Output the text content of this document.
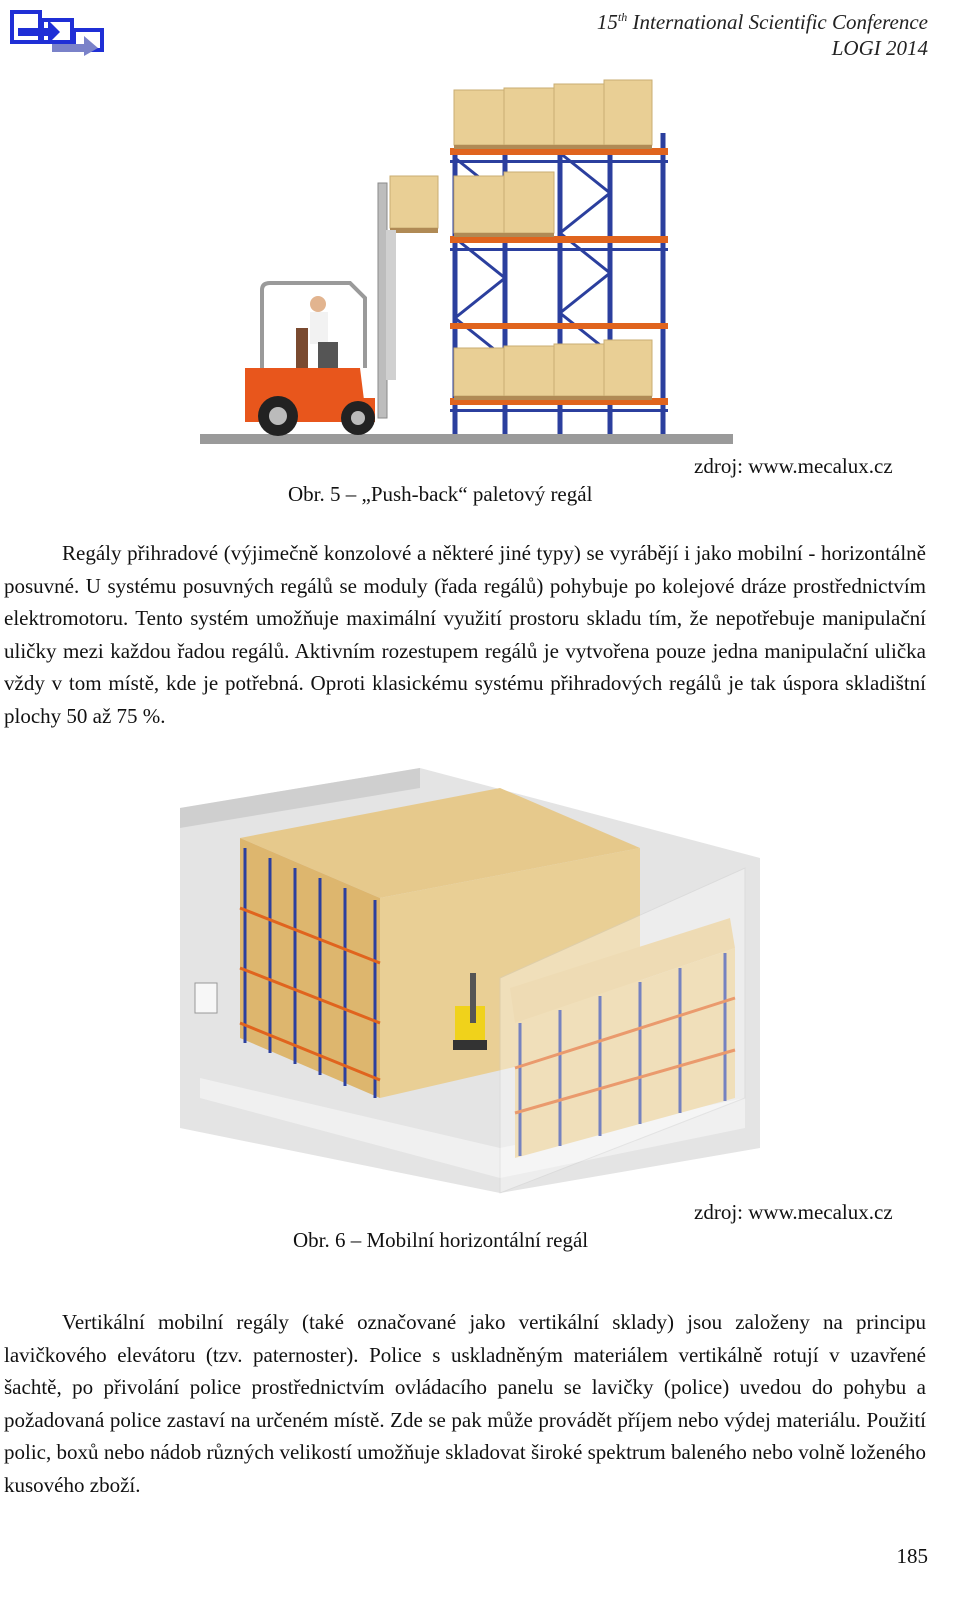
15th International Scientific Conference
LOGI 2014
zdroj: www.mecalux.cz
Obr. 5 – „Push-back“ paletový regál

Regály přihradové (výjimečně konzolové a některé jiné typy) se vyrábějí i jako mobilní - horizontálně posuvné. U systému posuvných regálů se moduly (řada regálů) pohybuje po kolejové dráze prostřednictvím elektromotoru. Tento systém umožňuje maximální využití prostoru skladu tím, že nepotřebuje manipulační uličky mezi každou řadou regálů. Aktivním rozestupem regálů je vytvořena pouze jedna manipulační ulička vždy v tom místě, kde je potřebná. Oproti klasickému systému přihradových regálů je tak úspora skladištní plochy 50 až 75 %.

zdroj: www.mecalux.cz
Obr. 6 – Mobilní horizontální regál

Vertikální mobilní regály (také označované jako vertikální sklady) jsou založeny na principu lavičkového elevátoru (tzv. paternoster). Police s uskladněným materiálem vertikálně rotují v uzavřené šachtě, po přivolání police prostřednictvím ovládacího panelu se lavičky (police) uvedou do pohybu a požadovaná police zastaví na určeném místě. Zde se pak může provádět příjem nebo výdej materiálu. Použití polic, boxů nebo nádob různých velikostí umožňuje skladovat široké spektrum baleného nebo volně loženého kusového zboží.

185
